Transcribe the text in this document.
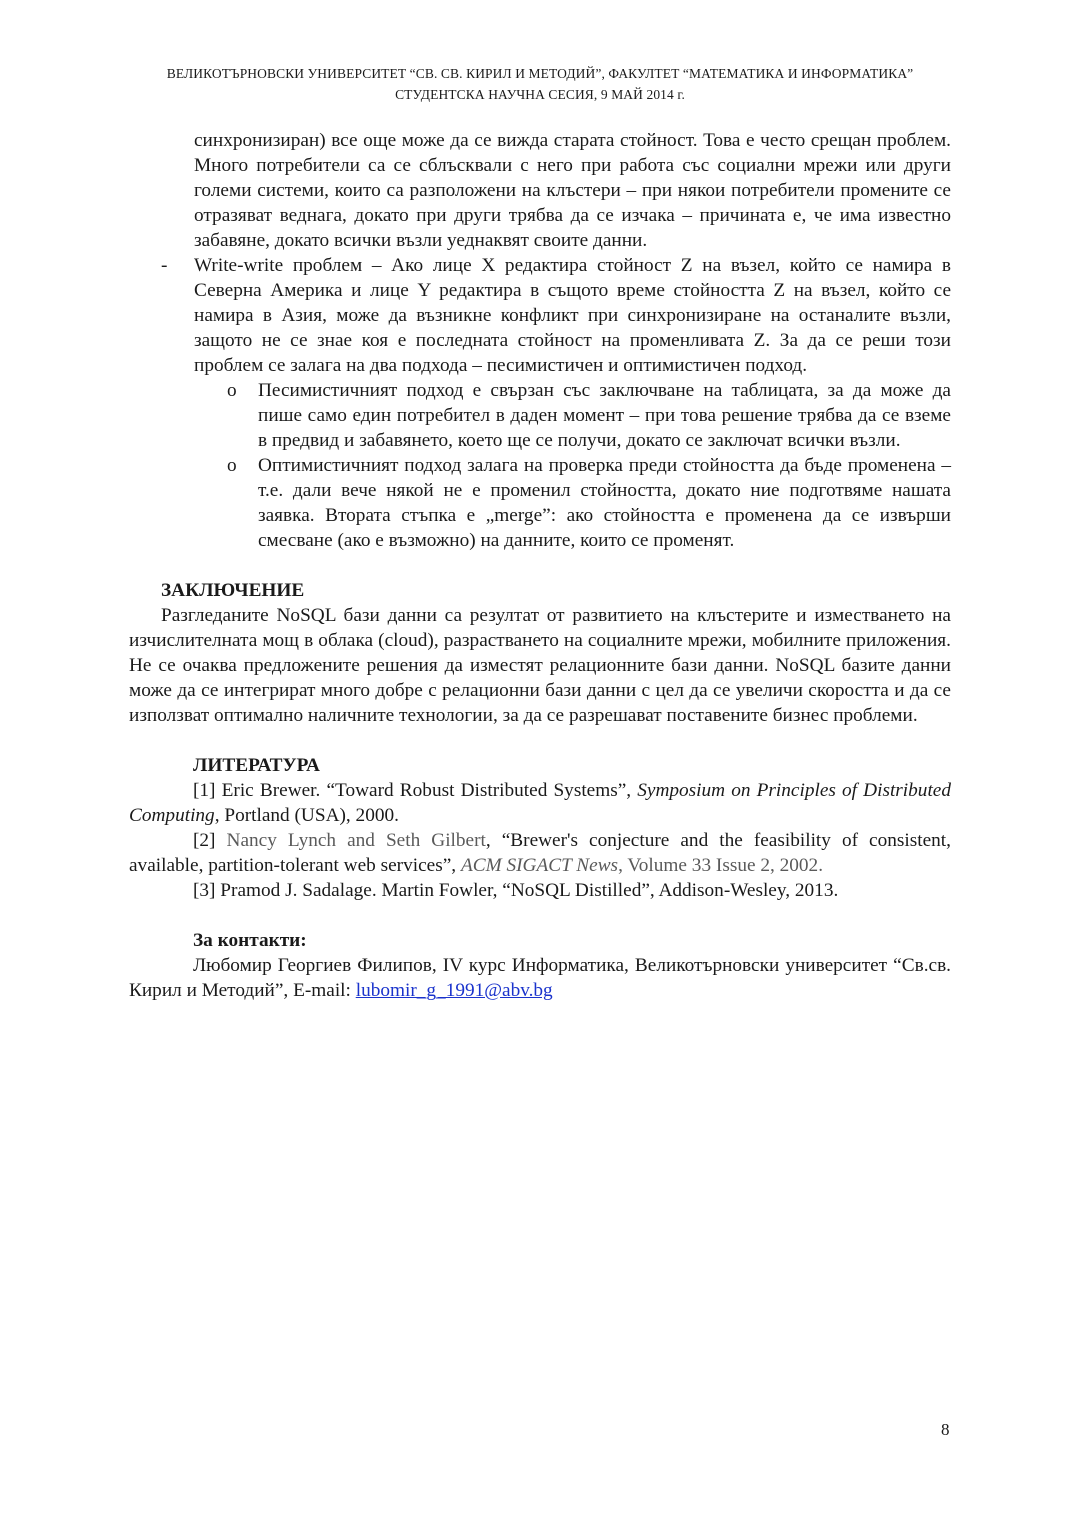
ВЕЛИКОТЪРНОВСКИ УНИВЕРСИТЕТ “СВ. СВ. КИРИЛ И МЕТОДИЙ”, ФАКУЛТЕТ “МАТЕМАТИКА И ИНФОРМАТИКА”
СТУДЕНТСКА НАУЧНА СЕСИЯ, 9 МАЙ 2014 г.

синхронизиран) все още може да се вижда старата стойност. Това е често срещан проблем. Много потребители са се сблъсквали с него при работа със социални мрежи или други големи системи, които са разположени на клъстери – при някои потребители промените се отразяват веднага, докато при други трябва да се изчака – причината е, че има известно забавяне, докато всички възли уеднаквят своите данни.

- Write-write проблем – Ако лице X редактира стойност Z на възел, който се намира в Северна Америка и лице Y редактира в същото време стойността Z на възел, който се намира в Азия, може да възникне конфликт при синхронизиране на останалите възли, защото не се знае коя е последната стойност на променливата Z. За да се реши този проблем се залага на два подхода – песимистичен и оптимистичен подход.

o Песимистичният подход е свързан със заключване на таблицата, за да може да пише само един потребител в даден момент – при това решение трябва да се вземе в предвид и забавянето, което ще се получи, докато се заключат всички възли.

o Оптимистичният подход залага на проверка преди стойността да бъде променена – т.е. дали вече някой не е променил стойността, докато ние подготвяме нашата заявка. Втората стъпка е „merge”: ако стойността е променена да се извърши смесване (ако е възможно) на данните, които се променят.

ЗАКЛЮЧЕНИЕ

Разгледаните NoSQL бази данни са резултат от развитието на клъстерите и изместването на изчислителната мощ в облака (cloud), разрастването на социалните мрежи, мобилните приложения. Не се очаква предложените решения да изместят релационните бази данни. NoSQL базите данни може да се интегрират много добре с релационни бази данни с цел да се увеличи скоростта и да се използват оптимално наличните технологии, за да се разрешават поставените бизнес проблеми.

ЛИТЕРАТУРА

[1] Eric Brewer. “Toward Robust Distributed Systems”, Symposium on Principles of Distributed Computing, Portland (USA), 2000.

[2] Nancy Lynch and Seth Gilbert, “Brewer's conjecture and the feasibility of consistent, available, partition-tolerant web services”, ACM SIGACT News, Volume 33 Issue 2, 2002.

[3] Pramod J. Sadalage. Martin Fowler, “NoSQL Distilled”, Addison-Wesley, 2013.

За контакти:

Любомир Георгиев Филипов, IV курс Информатика, Великотърновски университет “Св.св. Кирил и Методий”, E-mail: lubomir_g_1991@abv.bg

8
